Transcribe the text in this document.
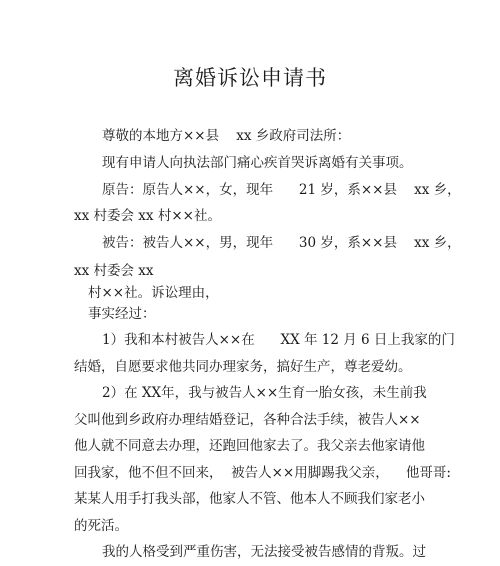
离婚诉讼申请书
尊敬的本地方××县    xx 乡政府司法所：
现有申请人向执法部门痛心疾首哭诉离婚有关事项。
原告：原告人××，女，现年      21 岁，系××县    xx 乡，
xx 村委会 xx 村××社。
被告：被告人××，男，现年      30 岁，系××县    xx 乡，
xx 村委会 xx
村××社。诉讼理由，
事实经过：
1）我和本村被告人××在      XX 年 12 月 6 日上我家的门
结婚，自愿要求他共同办理家务，搞好生产，尊老爱幼。
2）在 XX年，我与被告人××生育一胎女孩，未生前我
父叫他到乡政府办理结婚登记，各种合法手续，被告人××
他人就不同意去办理，还跑回他家去了。我父亲去他家请他
回我家，他不但不回来，  被告人××用脚踢我父亲，    他哥哥:
某某人用手打我头部，他家人不管、他本人不顾我们家老小
的死活。
我的人格受到严重伤害，无法接受被告感情的背叛。过
